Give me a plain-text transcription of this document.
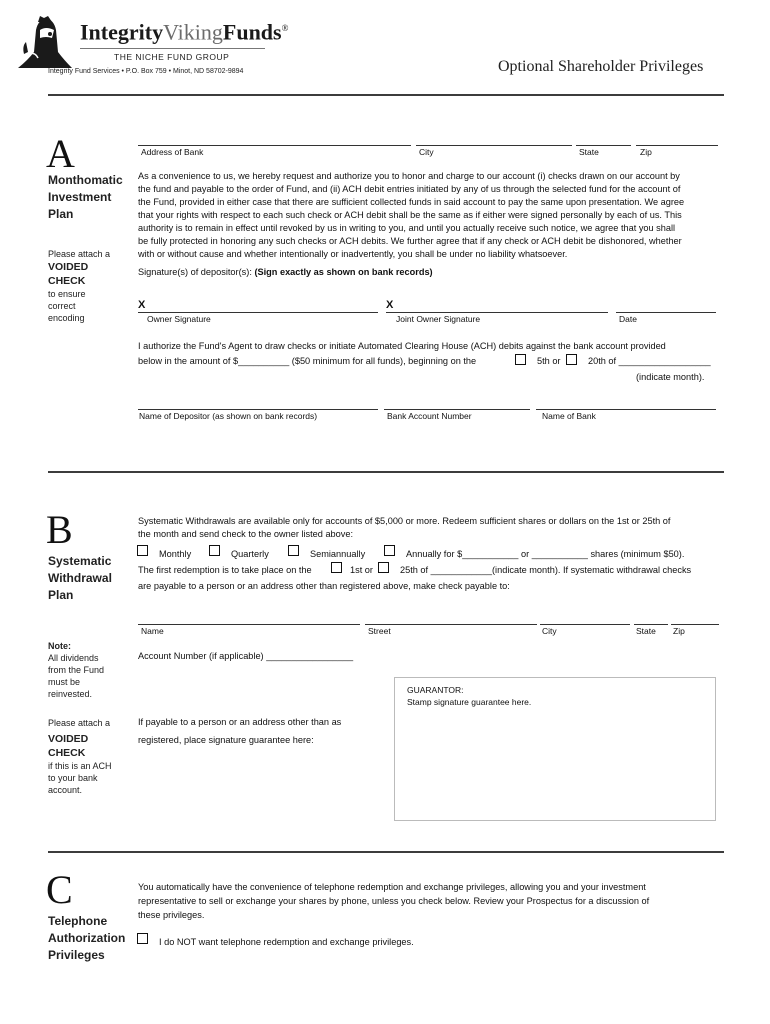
IntegrityVikingFunds®
THE NICHE FUND GROUP
Integrity Fund Services • P.O. Box 759 • Minot, ND 58702-9894	Optional Shareholder Privileges
A
Monthomatic
Investment
Plan
Please attach a
VOIDED
CHECK
to ensure
correct
encoding
Address of Bank	City	State	Zip
As a convenience to us, we hereby request and authorize you to honor and charge to our account (i) checks drawn on our account by
the fund and payable to the order of Fund, and (ii) ACH debit entries initiated by any of us through the selected fund for the account of
the Fund, provided in either case that there are sufficient collected funds in said account to pay the same upon presentation. We agree
that your rights with respect to each such check or ACH debit shall be the same as if either were signed personally by each of us. This
authority is to remain in effect until revoked by us in writing to you, and until you actually receive such notice, we agree that you shall
be fully protected in honoring any such checks or ACH debits. We further agree that if any check or ACH debit be dishonored, whether
with or without cause and whether intentionally or inadvertently, you shall be under no liability whatsoever.
Signature(s) of depositor(s): (Sign exactly as shown on bank records)
X	X
Owner Signature	Joint Owner Signature	Date
I authorize the Fund's Agent to draw checks or initiate Automated Clearing House (ACH) debits against the bank account provided
below in the amount of $__________ ($50 minimum for all funds), beginning on the	5th or	20th of __________________
(indicate month).
Name of Depositor (as shown on bank records)	Bank Account Number	Name of Bank
B
Systematic
Withdrawal
Plan
Systematic Withdrawals are available only for accounts of $5,000 or more. Redeem sufficient shares or dollars on the 1st or 25th of
the month and send check to the owner listed above:
Monthly	Quarterly	Semiannually	Annually for $___________ or ___________ shares (minimum $50).
The first redemption is to take place on the	1st or	25th of ____________(indicate month). If systematic withdrawal checks
are payable to a person or an address other than registered above, make check payable to:
Name	Street	City	State Zip
Account Number (if applicable) _________________
Note:
All dividends
from the Fund
must be
reinvested.
Please attach a
VOIDED
CHECK
if this is an ACH
to your bank
account.
If payable to a person or an address other than as
registered, place signature guarantee here:
GUARANTOR:
Stamp signature guarantee here.
C
Telephone
Authorization
Privileges
You automatically have the convenience of telephone redemption and exchange privileges, allowing you and your investment
representative to sell or exchange your shares by phone, unless you check below. Review your Prospectus for a discussion of
these privileges.
I do NOT want telephone redemption and exchange privileges.
